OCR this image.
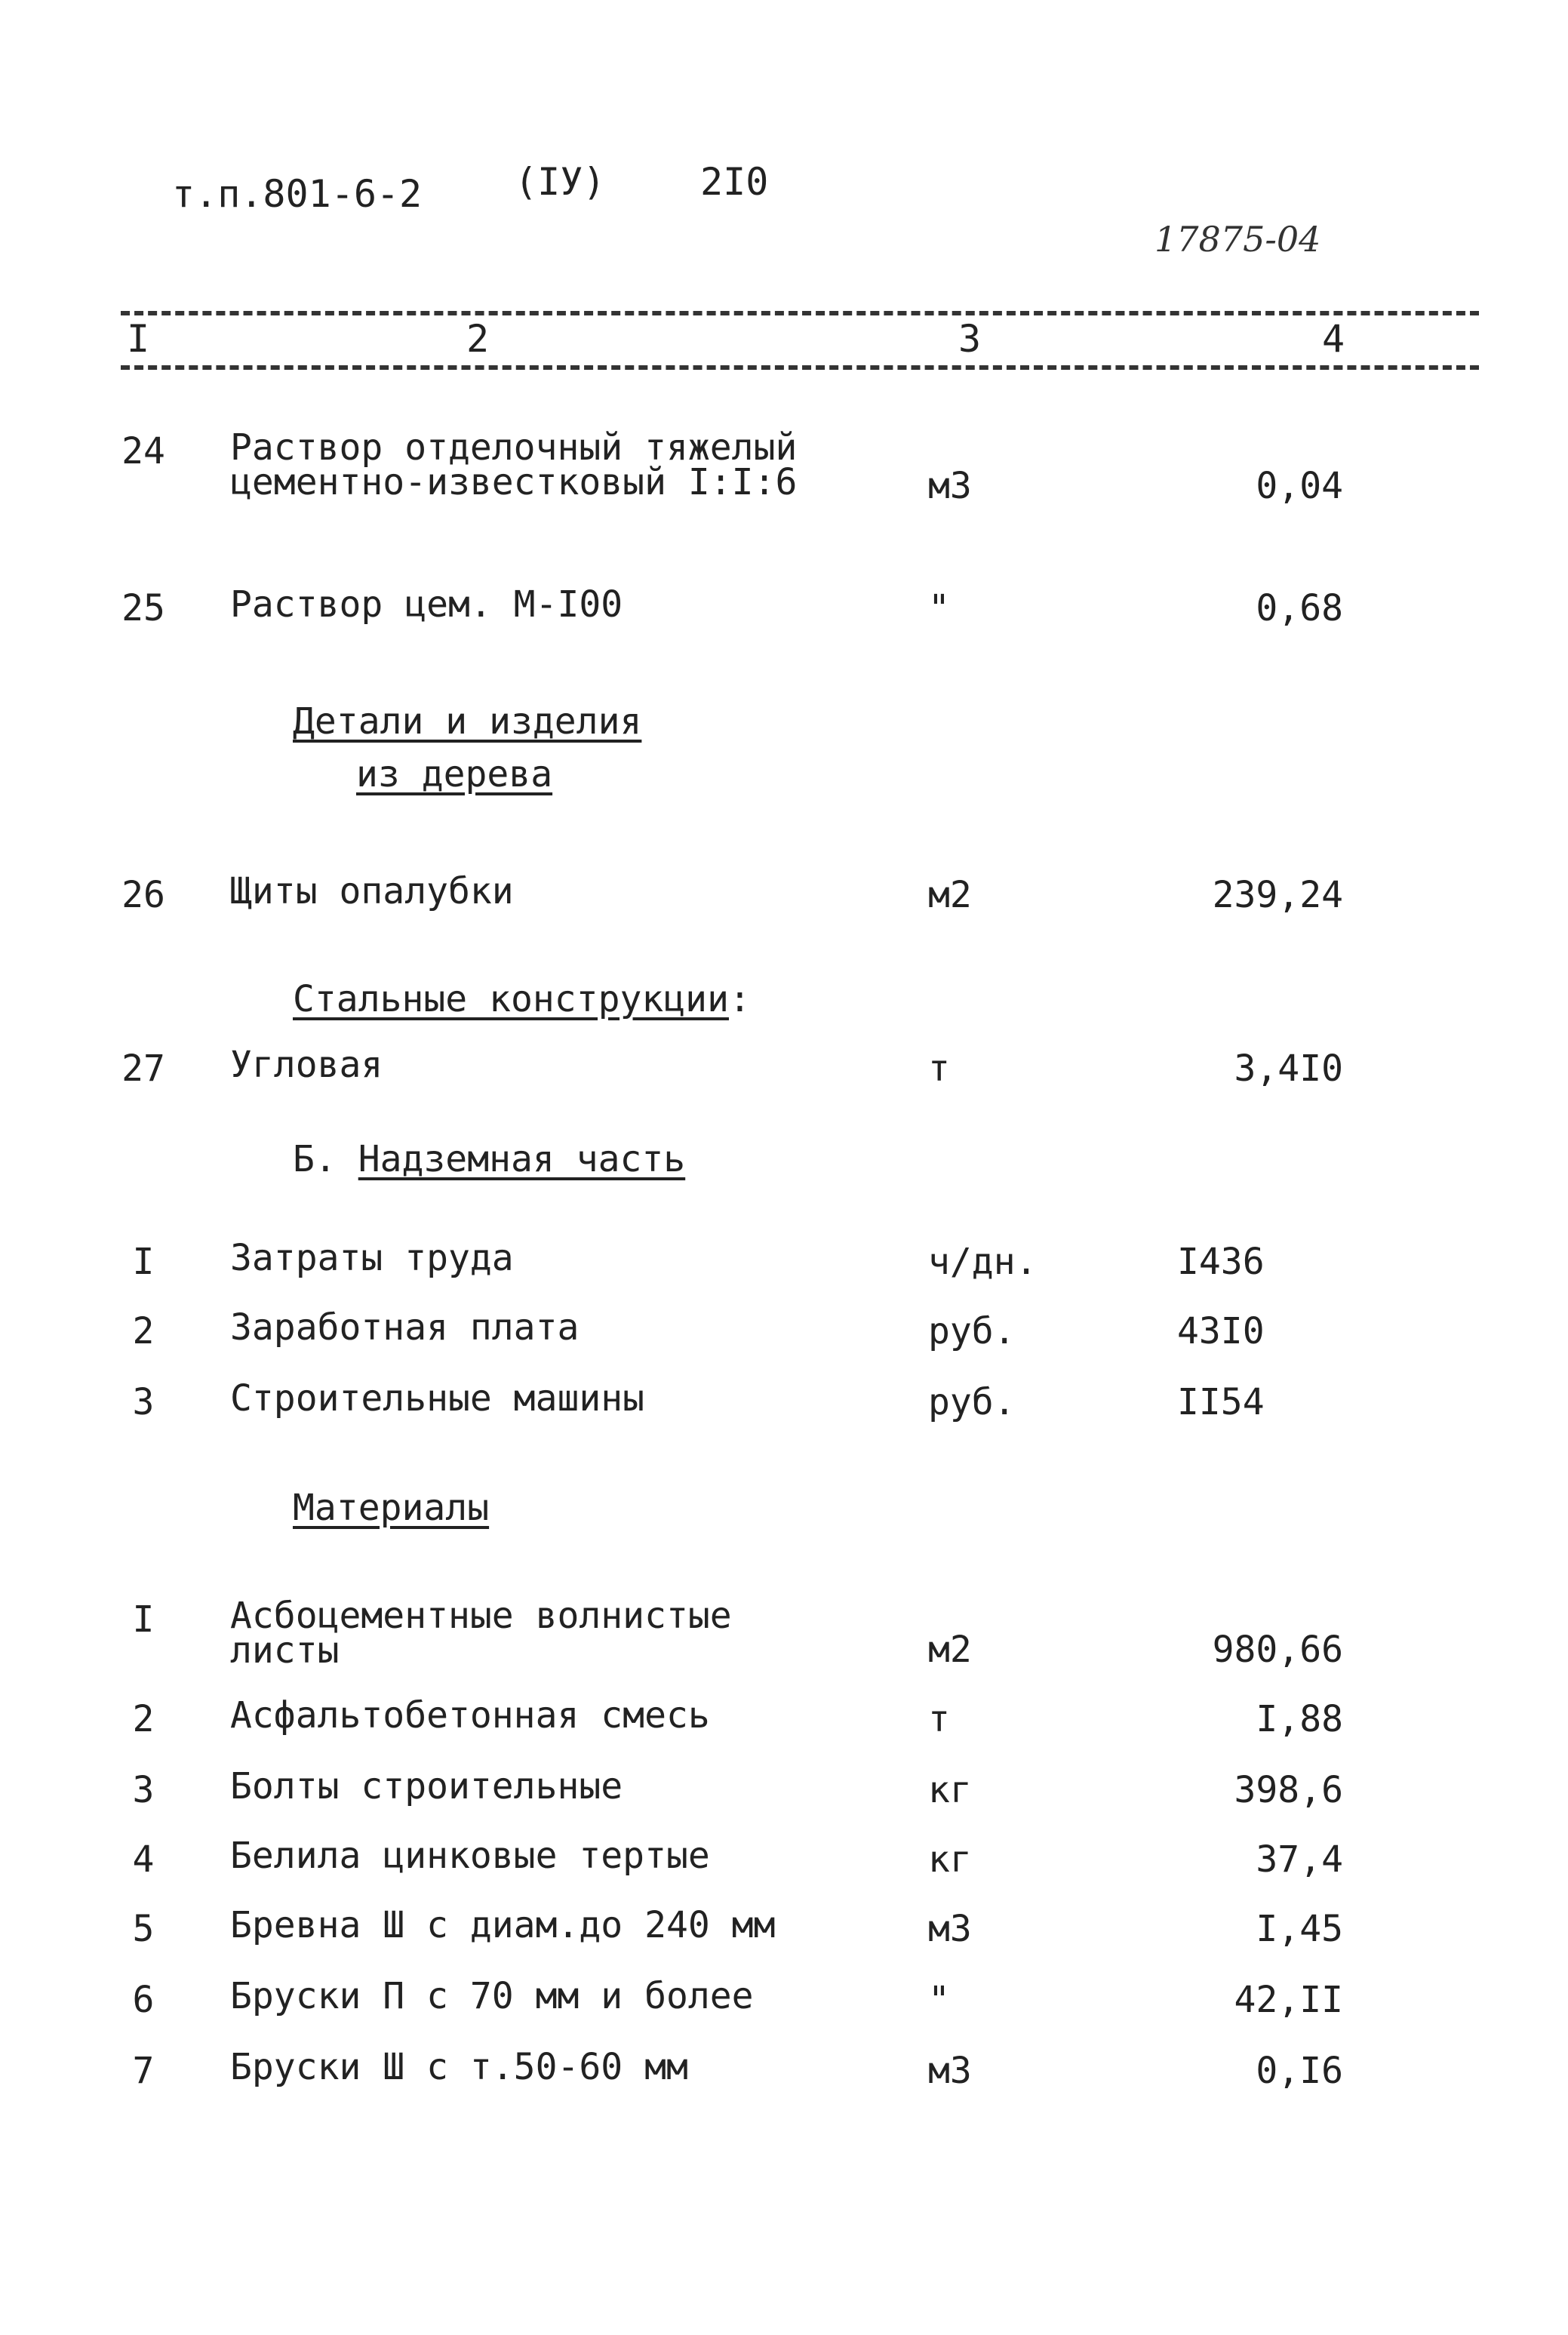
т.п.801-6-2 (IУ)	2I0
17875-04
I	2	3	4
24 Раствор отделочный тяжелый
цементно-известковый I:I:6	м3	0,04
25 Раствор цем. М-I00	"	0,68
Детали и изделия
из дерева
26 Щиты опалубки	м2	239,24
Стальные конструкции:
27 Угловая	т	3,4I0
Б. Надземная часть
I	Затраты труда	ч/дн.	I436
2	Заработная плата	руб.	43I0
3	Строительные машины	руб.	II54
Материалы
I	Асбоцементные волнистые
листы	м2	980,66
2	Асфальтобетонная смесь	т	I,88
3	Болты строительные	кг	398,6
4	Белила цинковые тертые	кг	37,4
5	Бревна Ш с диам.до 240 мм	м3	I,45
6	Бруски П с 70 мм и более	"	42,II
7	Бруски Ш с т.50-60 мм	м3	0,I6
